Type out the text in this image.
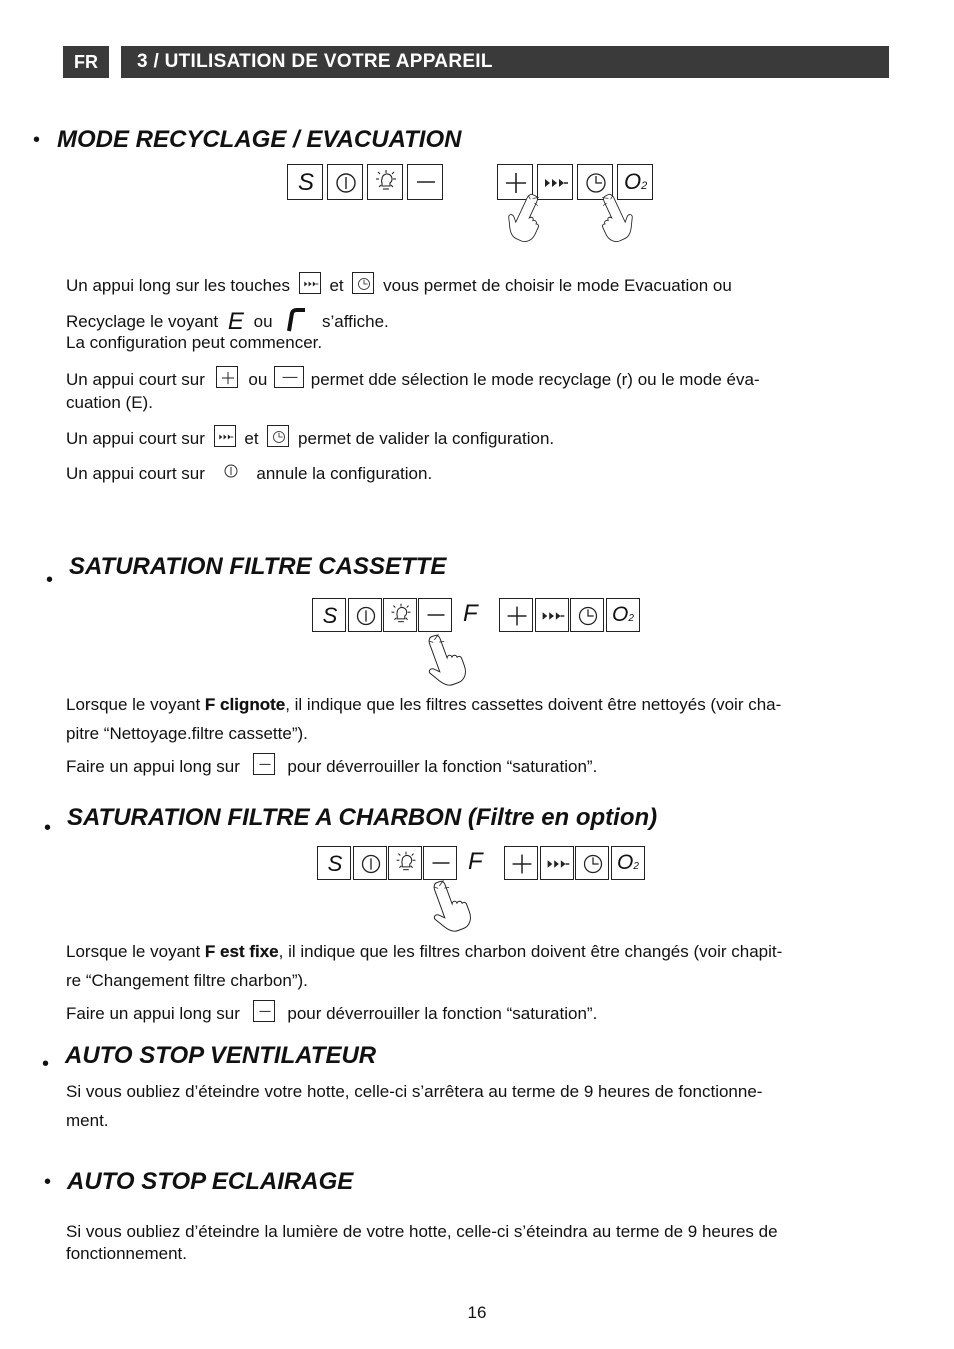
FR	3 / UTILISATION DE VOTRE APPAREIL
• MODE RECYCLAGE / EVACUATION
S	O2
Un appui long sur les touches et vous permet de choisir le mode Evacuation ou
Recyclage le voyant E ou	s’affiche.
La configuration peut commencer.
Un appui court sur	ou	permet dde sélection le mode recyclage (r) ou le mode éva-
cuation (E).
Un appui court sur et permet de valider la configuration.
Un appui court sur	annule la configuration.
• SATURATION FILTRE CASSETTE
S	F	O2
Lorsque le voyant F clignote, il indique que les filtres cassettes doivent être nettoyés (voir cha-
pitre “Nettoyage.filtre cassette”).
Faire un appui long sur	pour déverrouiller la fonction “saturation”.
• SATURATION FILTRE A CHARBON (Filtre en option)
S	F	O2
Lorsque le voyant F est fixe, il indique que les filtres charbon doivent être changés (voir chapit-
re “Changement filtre charbon”).
Faire un appui long sur	pour déverrouiller la fonction “saturation”.
• AUTO STOP VENTILATEUR
Si vous oubliez d’éteindre votre hotte, celle-ci s’arrêtera au terme de 9 heures de fonctionne-
ment.
• AUTO STOP ECLAIRAGE
Si vous oubliez d’éteindre la lumière de votre hotte, celle-ci s’éteindra au terme de 9 heures de
fonctionnement.
16
